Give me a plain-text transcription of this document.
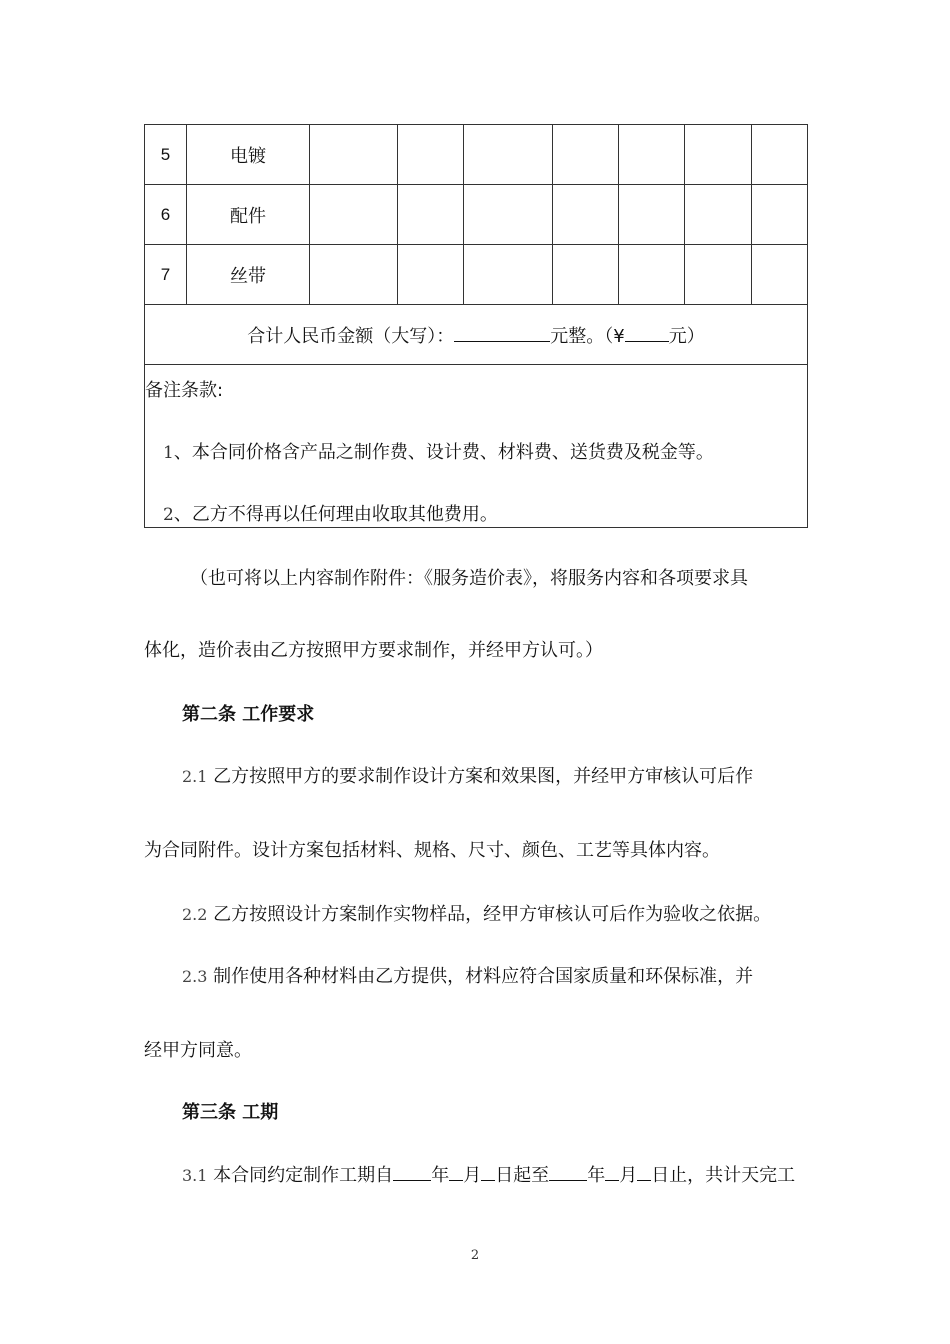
5	电镀							
6	配件							
7	丝带							
合计人民币金额（大写）： 元整。（¥ 元）								

备注条款:
1、本合同价格含产品之制作费、设计费、材料费、送货费及税金等。
2、乙方不得再以任何理由收取其他费用。								
（也可将以上内容制作附件：《服务造价表》，将服务内容和各项要求具
体化，造价表由乙方按照甲方要求制作，并经甲方认可。）
第二条 工作要求
2.1 乙方按照甲方的要求制作设计方案和效果图，并经甲方审核认可后作
为合同附件。设计方案包括材料、规格、尺寸、颜色、工艺等具体内容。
2.2 乙方按照设计方案制作实物样品，经甲方审核认可后作为验收之依据。
2.3 制作使用各种材料由乙方提供，材料应符合国家质量和环保标准，并
经甲方同意。
第三条 工期
3.1 本合同约定制作工期自 年 月 日起至 年 月 日止，共计天完工
2
